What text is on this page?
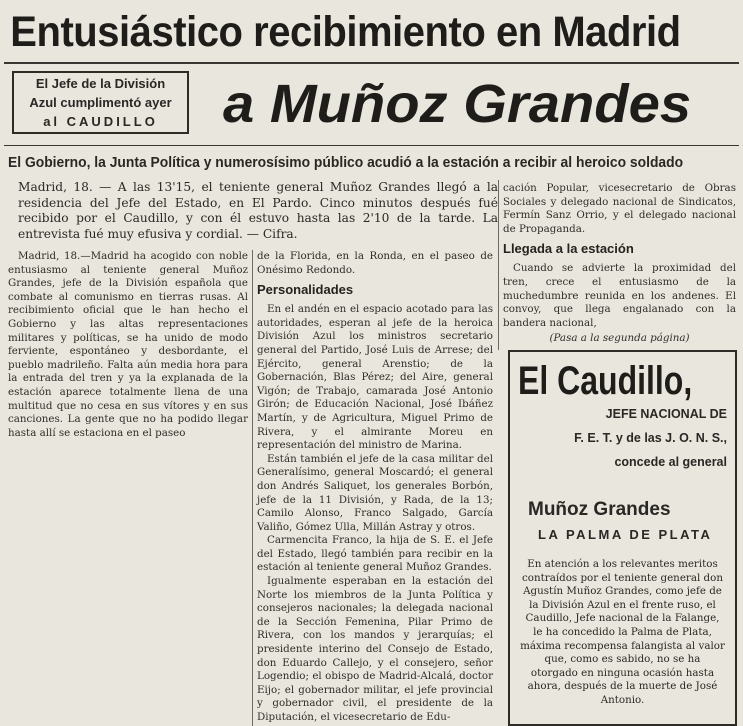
Entusiástico recibimiento en Madrid
El Jefe de la División
Azul cumplimentó ayer
al CAUDILLO	a Muñoz Grandes
El Gobierno, la Junta Política y numerosísimo público acudió a la estación a recibir al heroico soldado
Madrid, 18. — A las 13'15, el teniente general Muñoz Grandes llegó a la residencia del Jefe del Estado, en El Pardo. Cinco minutos después fué recibido por el Caudillo, y con él estuvo hasta las 2'10 de la tarde. La entrevista fué muy efusiva y cordial. — Cifra.

Madrid, 18.—Madrid ha acogido con noble entusiasmo al teniente general Muñoz Grandes, jefe de la División española que combate al comunismo en tierras rusas. Al recibimiento oficial que le han hecho el Gobierno y las altas representaciones militares y políticas, se ha unido de modo ferviente, espontáneo y desbordante, el pueblo madrileño. Falta aún media hora para la entrada del tren y ya la explanada de la estación aparece totalmente llena de una multitud que no cesa en sus vítores y en sus canciones. La gente que no ha podido llegar hasta allí se estaciona en el paseo

de la Florida, en la Ronda, en el paseo de Onésimo Redondo.

Personalidades

En el andén en el espacio acotado para las autoridades, esperan al jefe de la heroica División Azul los ministros secretario general del Partido, José Luis de Arrese; del Ejército, general Arenstio; de la Gobernación, Blas Pérez; del Aire, general Vigón; de Trabajo, camarada José Antonio Girón; de Educación Nacional, José Ibáñez Martín, y de Agricultura, Miguel Primo de Rivera, y el almirante Moreu en representación del ministro de Marina.

Están también el jefe de la casa militar del Generalísimo, general Moscardó; el general don Andrés Saliquet, los generales Borbón, jefe de la 11 División, y Rada, de la 13; Camilo Alonso, Franco Salgado, García Valiño, Gómez Ulla, Millán Astray y otros.

Carmencita Franco, la hija de S. E. el Jefe del Estado, llegó también para recibir en la estación al teniente general Muñoz Grandes.

Igualmente esperaban en la estación del Norte los miembros de la Junta Política y consejeros nacionales; la delegada nacional de la Sección Femenina, Pilar Primo de Rivera, con los mandos y jerarquías; el presidente interino del Consejo de Estado, don Eduardo Callejo, y el consejero, señor Logendio; el obispo de Madrid-Alcalá, doctor Eijo; el gobernador militar, el jefe provincial y gobernador civil, el presidente de la Diputación, el vicesecretario de Edu-

cación Popular, vicesecretario de Obras Sociales y delegado nacional de Sindicatos, Fermín Sanz Orrio, y el delegado nacional de Propaganda.

Llegada a la estación

Cuando se advierte la proximidad del tren, crece el entusiasmo de la muchedumbre reunida en los andenes. El convoy, que llega engalanado con la bandera nacional,

(Pasa a la segunda página)
El Caudillo,
JEFE NACIONAL DE
F. E. T. y de las J. O. N. S.,
concede al general
Muñoz Grandes
LA PALMA DE PLATA
En atención a los relevantes meritos contraídos por el teniente general don Agustín Muñoz Grandes, como jefe de la División Azul en el frente ruso, el Caudillo, Jefe nacional de la Falange, le ha concedido la Palma de Plata, máxima recompensa falangista al valor que, como es sabido, no se ha otorgado en ninguna ocasión hasta ahora, después de la muerte de José Antonio.
